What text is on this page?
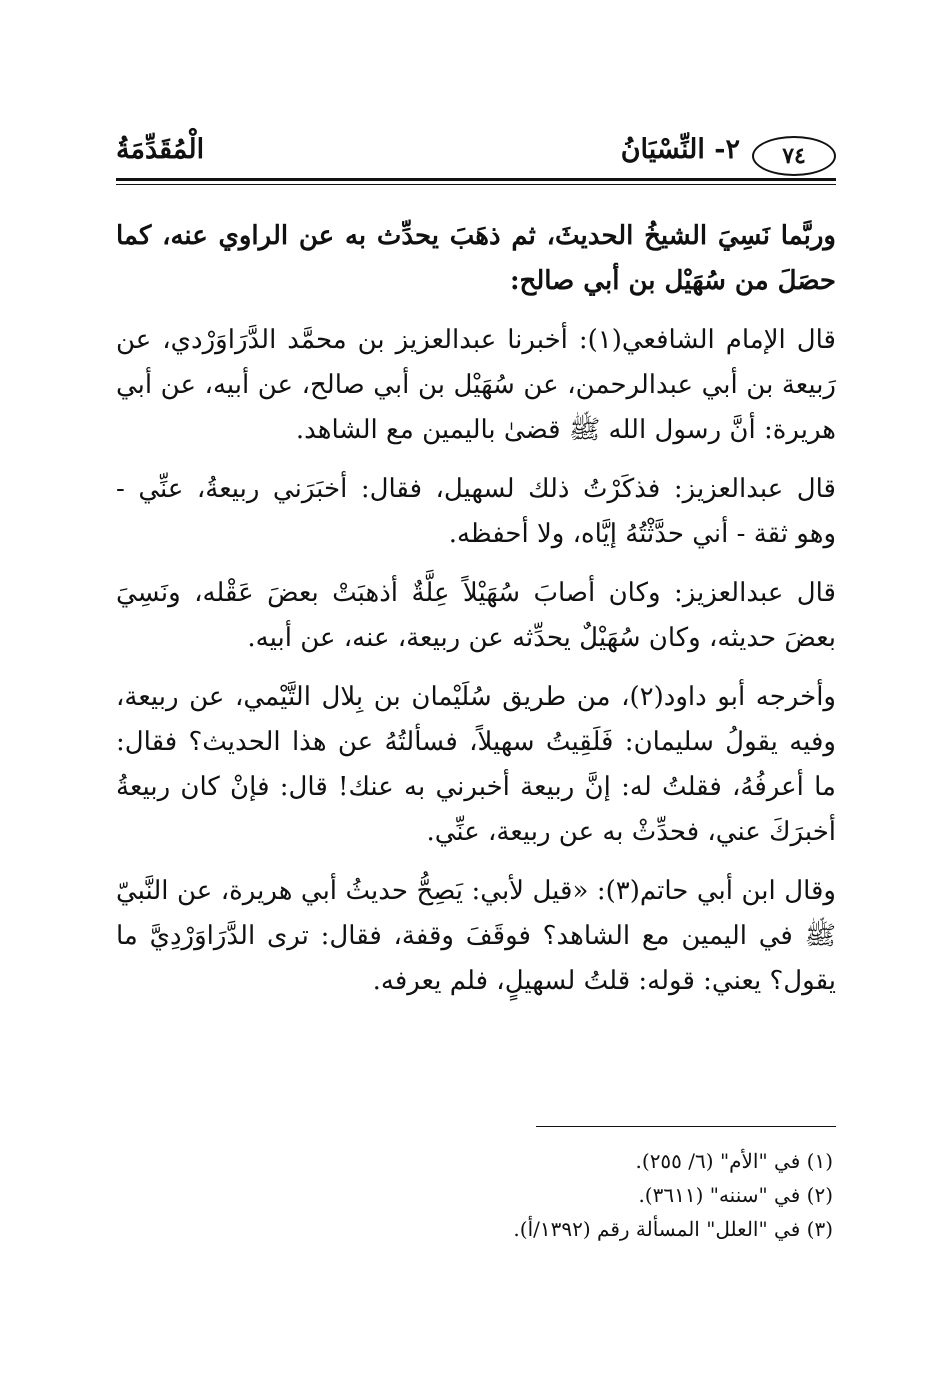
٧٤
٢- النِّسْيَانُ
الْمُقَدِّمَةُ

وربَّما نَسِيَ الشيخُ الحديثَ، ثم ذهَبَ يحدِّث به عن الراوي عنه، كما حصَلَ من سُهَيْل بن أبي صالح:

قال الإمام الشافعي(١): أخبرنا عبدالعزيز بن محمَّد الدَّرَاوَرْدي، عن رَبيعة بن أبي عبدالرحمن، عن سُهَيْل بن أبي صالح، عن أبيه، عن أبي هريرة: أنَّ رسول الله ﷺ قضىٰ باليمين مع الشاهد.

قال عبدالعزيز: فذكَرْتُ ذلك لسهيل، فقال: أخبَرَني ربيعةُ، عنِّي - وهو ثقة - أني حدَّثْتُهُ إيَّاه، ولا أحفظه.

قال عبدالعزيز: وكان أصابَ سُهَيْلاً عِلَّةٌ أذهبَتْ بعضَ عَقْله، ونَسِيَ بعضَ حديثه، وكان سُهَيْلٌ يحدِّثه عن ربيعة، عنه، عن أبيه.

وأخرجه أبو داود(٢)، من طريق سُلَيْمان بن بِلال التَّيْمي، عن ربيعة، وفيه يقولُ سليمان: فَلَقِيتُ سهيلاً، فسألتُهُ عن هذا الحديث؟ فقال: ما أعرفُهُ، فقلتُ له: إنَّ ربيعة أخبرني به عنك! قال: فإنْ كان ربيعةُ أخبرَكَ عني، فحدِّثْ به عن ربيعة، عنِّي.

وقال ابن أبي حاتم(٣): «قيل لأبي: يَصِحُّ حديثُ أبي هريرة، عن النَّبيّ ﷺ في اليمين مع الشاهد؟ فوقَفَ وقفة، فقال: ترى الدَّرَاوَرْدِيَّ ما يقول؟ يعني: قوله: قلتُ لسهيلٍ، فلم يعرفه.

(١) في "الأم" (٦/ ٢٥٥).

(٢) في "سننه" (٣٦١١).

(٣) في "العلل" المسألة رقم (١٣٩٢/أ).
